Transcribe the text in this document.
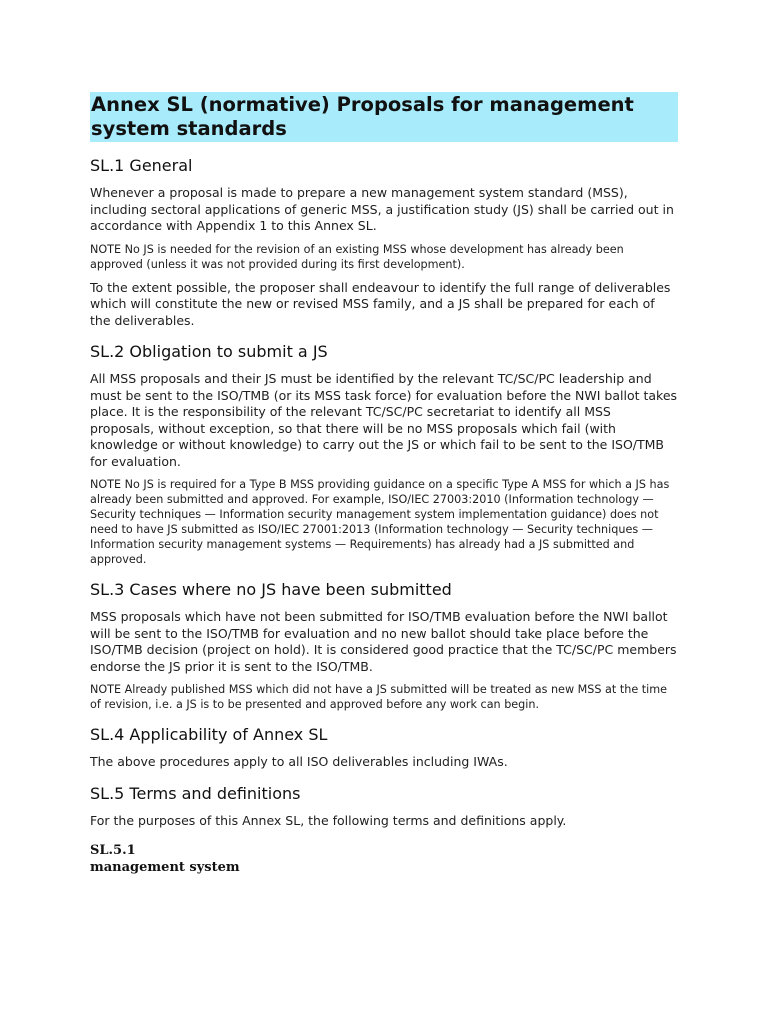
Annex SL (normative) Proposals for management system standards
SL.1 General

Whenever a proposal is made to prepare a new management system standard (MSS), including sectoral applications of generic MSS, a justification study (JS) shall be carried out in accordance with Appendix 1 to this Annex SL.

NOTE No JS is needed for the revision of an existing MSS whose development has already been approved (unless it was not provided during its first development).

To the extent possible, the proposer shall endeavour to identify the full range of deliverables which will constitute the new or revised MSS family, and a JS shall be prepared for each of the deliverables.

SL.2 Obligation to submit a JS

All MSS proposals and their JS must be identified by the relevant TC/SC/PC leadership and must be sent to the ISO/TMB (or its MSS task force) for evaluation before the NWI ballot takes place. It is the responsibility of the relevant TC/SC/PC secretariat to identify all MSS proposals, without exception, so that there will be no MSS proposals which fail (with knowledge or without knowledge) to carry out the JS or which fail to be sent to the ISO/TMB for evaluation.

NOTE No JS is required for a Type B MSS providing guidance on a specific Type A MSS for which a JS has already been submitted and approved. For example, ISO/IEC 27003:2010 (Information technology — Security techniques — Information security management system implementation guidance) does not need to have JS submitted as ISO/IEC 27001:2013 (Information technology — Security techniques — Information security management systems — Requirements) has already had a JS submitted and approved.

SL.3 Cases where no JS have been submitted

MSS proposals which have not been submitted for ISO/TMB evaluation before the NWI ballot will be sent to the ISO/TMB for evaluation and no new ballot should take place before the ISO/TMB decision (project on hold). It is considered good practice that the TC/SC/PC members endorse the JS prior it is sent to the ISO/TMB.

NOTE Already published MSS which did not have a JS submitted will be treated as new MSS at the time of revision, i.e. a JS is to be presented and approved before any work can begin.

SL.4 Applicability of Annex SL

The above procedures apply to all ISO deliverables including IWAs.

SL.5 Terms and definitions

For the purposes of this Annex SL, the following terms and definitions apply.

SL.5.1
management system
